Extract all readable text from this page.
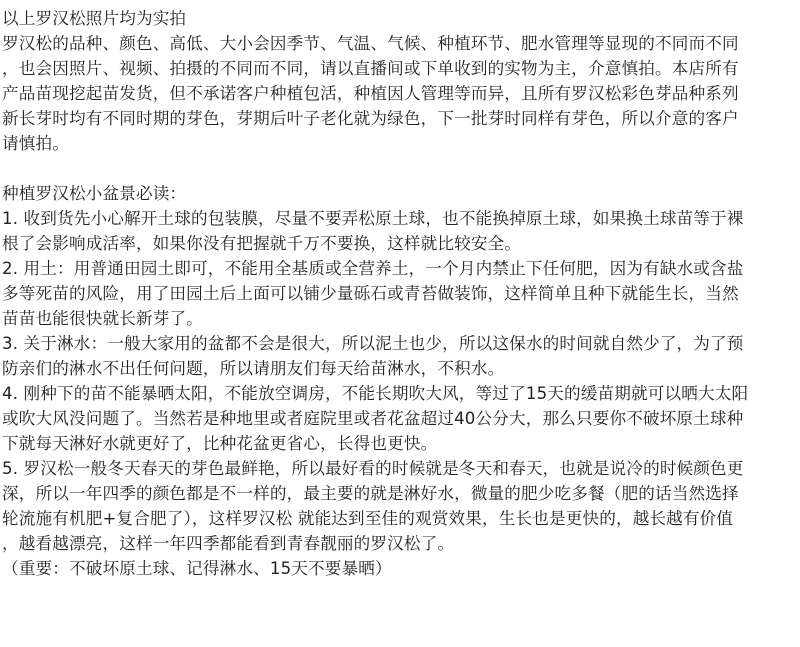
以上罗汉松照片均为实拍
罗汉松的品种、颜色、高低、大小会因季节、气温、气候、种植环节、肥水管理等显现的不同而不同
，也会因照片、视频、拍摄的不同而不同，请以直播间或下单收到的实物为主，介意慎拍。本店所有
产品苗现挖起苗发货，但不承诺客户种植包活，种植因人管理等而异，且所有罗汉松彩色芽品种系列
新长芽时均有不同时期的芽色，芽期后叶子老化就为绿色，下一批芽时同样有芽色，所以介意的客户
请慎拍。
种植罗汉松小盆景必读：
1. 收到货先小心解开土球的包装膜，尽量不要弄松原土球，也不能换掉原土球，如果换土球苗等于裸
根了会影响成活率，如果你没有把握就千万不要换，这样就比较安全。
2. 用土：用普通田园土即可，不能用全基质或全营养土，一个月内禁止下任何肥，因为有缺水或含盐
多等死苗的风险，用了田园土后上面可以铺少量砾石或青苔做装饰，这样简单且种下就能生长，当然
苗苗也能很快就长新芽了。
3. 关于淋水：一般大家用的盆都不会是很大，所以泥土也少，所以这保水的时间就自然少了，为了预
防亲们的淋水不出任何问题，所以请朋友们每天给苗淋水，不积水。
4. 刚种下的苗不能暴晒太阳，不能放空调房，不能长期吹大风，等过了15天的缓苗期就可以晒大太阳
或吹大风没问题了。当然若是种地里或者庭院里或者花盆超过40公分大，那么只要你不破坏原土球种
下就每天淋好水就更好了，比种花盆更省心，长得也更快。
5. 罗汉松一般冬天春天的芽色最鲜艳，所以最好看的时候就是冬天和春天，也就是说冷的时候颜色更
深，所以一年四季的颜色都是不一样的，最主要的就是淋好水，微量的肥少吃多餐（肥的话当然选择
轮流施有机肥+复合肥了），这样罗汉松 就能达到至佳的观赏效果，生长也是更快的，越长越有价值
，越看越漂亮，这样一年四季都能看到青春靓丽的罗汉松了。
（重要：不破坏原土球、记得淋水、15天不要暴晒）
